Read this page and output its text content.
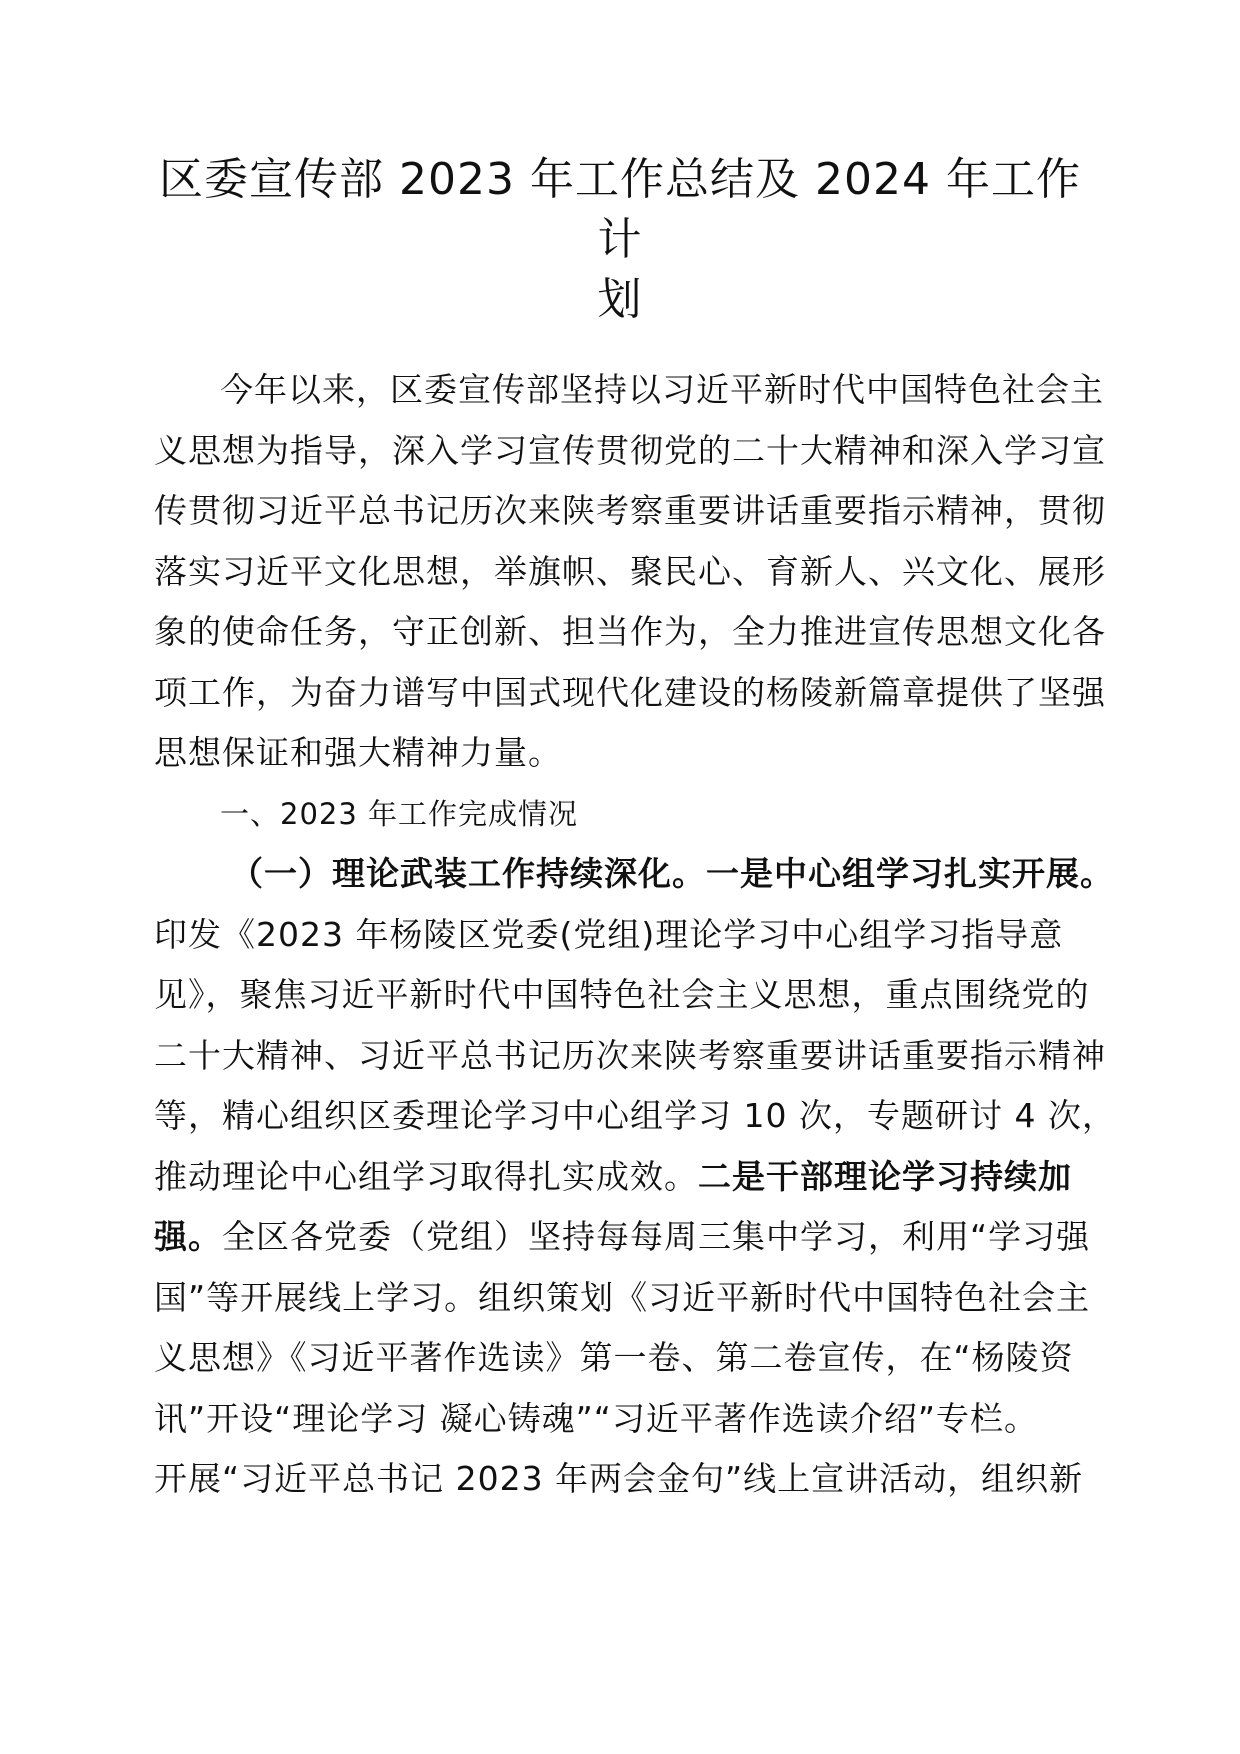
区委宣传部 2023 年工作总结及 2024 年工作计
划
今年以来，区委宣传部坚持以习近平新时代中国特色社会主
义思想为指导，深入学习宣传贯彻党的二十大精神和深入学习宣
传贯彻习近平总书记历次来陕考察重要讲话重要指示精神，贯彻
落实习近平文化思想，举旗帜、聚民心、育新人、兴文化、展形
象的使命任务，守正创新、担当作为，全力推进宣传思想文化各
项工作，为奋力谱写中国式现代化建设的杨陵新篇章提供了坚强
思想保证和强大精神力量。
一、2023 年工作完成情况
（一）理论武装工作持续深化。一是中心组学习扎实开展。
印发《2023 年杨陵区党委(党组)理论学习中心组学习指导意
见》，聚焦习近平新时代中国特色社会主义思想，重点围绕党的
二十大精神、习近平总书记历次来陕考察重要讲话重要指示精神
等，精心组织区委理论学习中心组学习 10 次，专题研讨 4 次，
推动理论中心组学习取得扎实成效。二是干部理论学习持续加
强。全区各党委（党组）坚持每每周三集中学习，利用“学习强
国”等开展线上学习。组织策划《习近平新时代中国特色社会主
义思想》《习近平著作选读》第一卷、第二卷宣传，在“杨陵资
讯”开设“理论学习 凝心铸魂”“习近平著作选读介绍”专栏。
开展“习近平总书记 2023 年两会金句”线上宣讲活动，组织新
